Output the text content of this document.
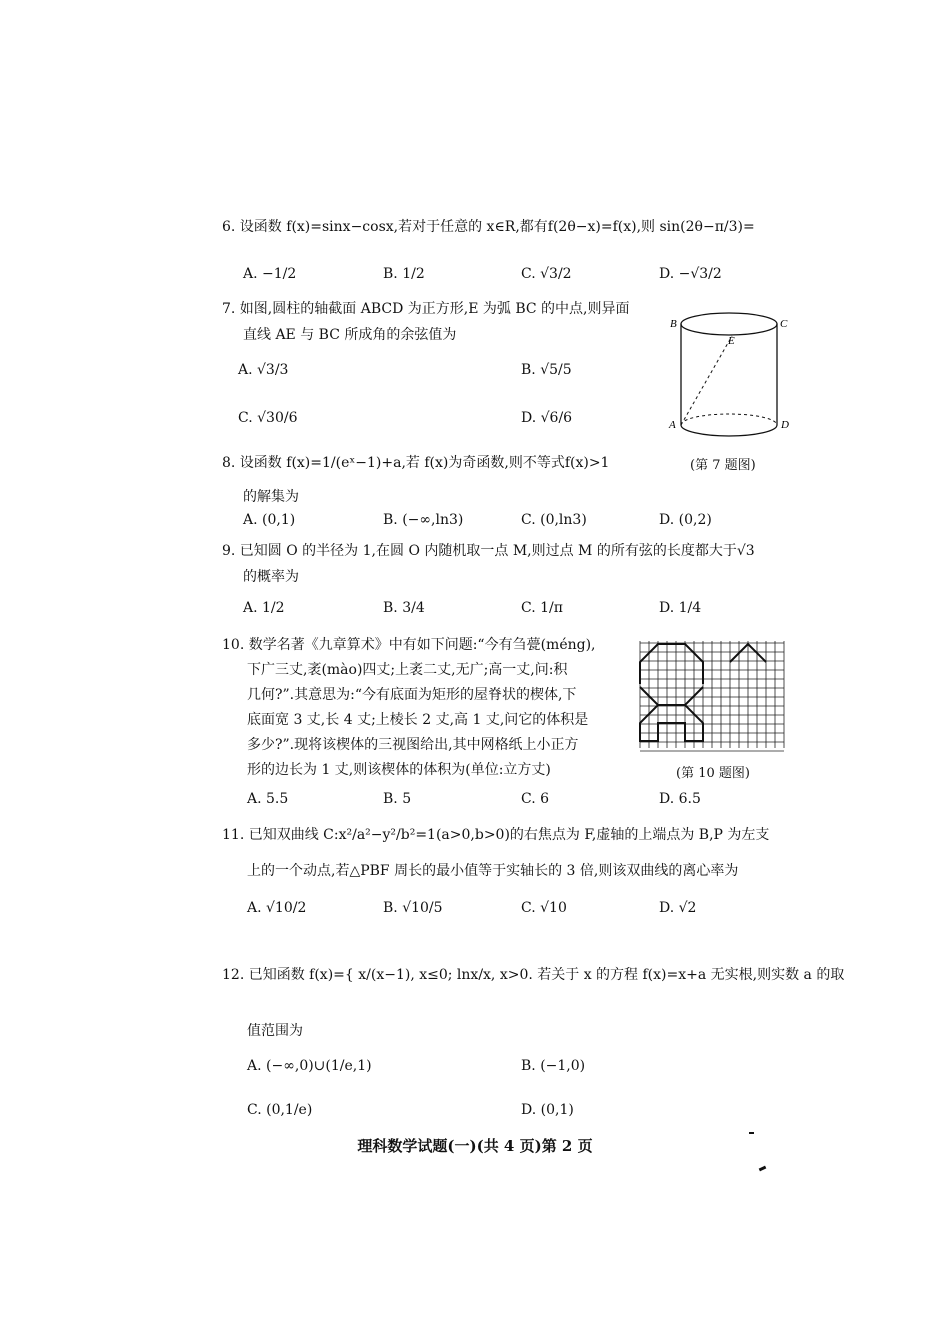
6. 设函数 f(x)=sinx−cosx,若对于任意的 x∈R,都有f(2θ−x)=f(x),则 sin(2θ−π/3)=
A. −1/2	B. 1/2	C. √3/2	D. −√3/2
7. 如图,圆柱的轴截面 ABCD 为正方形,E 为弧 BC 的中点,则异面
直线 AE 与 BC 所成角的余弦值为
A. √3/3	B. √5/5
C. √30/6	D. √6/6
B	C
E
A	D
(第 7 题图)
8. 设函数 f(x)=1/(eˣ−1)+a,若 f(x)为奇函数,则不等式f(x)>1
的解集为
A. (0,1)	B. (−∞,ln3)	C. (0,ln3)	D. (0,2)
9. 已知圆 O 的半径为 1,在圆 O 内随机取一点 M,则过点 M 的所有弦的长度都大于√3
的概率为
A. 1/2	B. 3/4	C. 1/π	D. 1/4
10. 数学名著《九章算术》中有如下问题:“今有刍甍(méng),
下广三丈,袤(mào)四丈;上袤二丈,无广;高一丈,问:积
几何?”.其意思为:“今有底面为矩形的屋脊状的楔体,下
底面宽 3 丈,长 4 丈;上棱长 2 丈,高 1 丈,问它的体积是
多少?”.现将该楔体的三视图给出,其中网格纸上小正方
形的边长为 1 丈,则该楔体的体积为(单位:立方丈)
A. 5.5	B. 5	C. 6	D. 6.5
(第 10 题图)
11. 已知双曲线 C:x²/a²−y²/b²=1(a>0,b>0)的右焦点为 F,虚轴的上端点为 B,P 为左支
上的一个动点,若△PBF 周长的最小值等于实轴长的 3 倍,则该双曲线的离心率为
A. √10/2	B. √10/5	C. √10	D. √2
12. 已知函数 f(x)={ x/(x−1), x≤0; lnx/x, x>0. 若关于 x 的方程 f(x)=x+a 无实根,则实数 a 的取
值范围为
A. (−∞,0)∪(1/e,1)	B. (−1,0)
C. (0,1/e)	D. (0,1)
理科数学试题(一)(共 4 页)第 2 页
